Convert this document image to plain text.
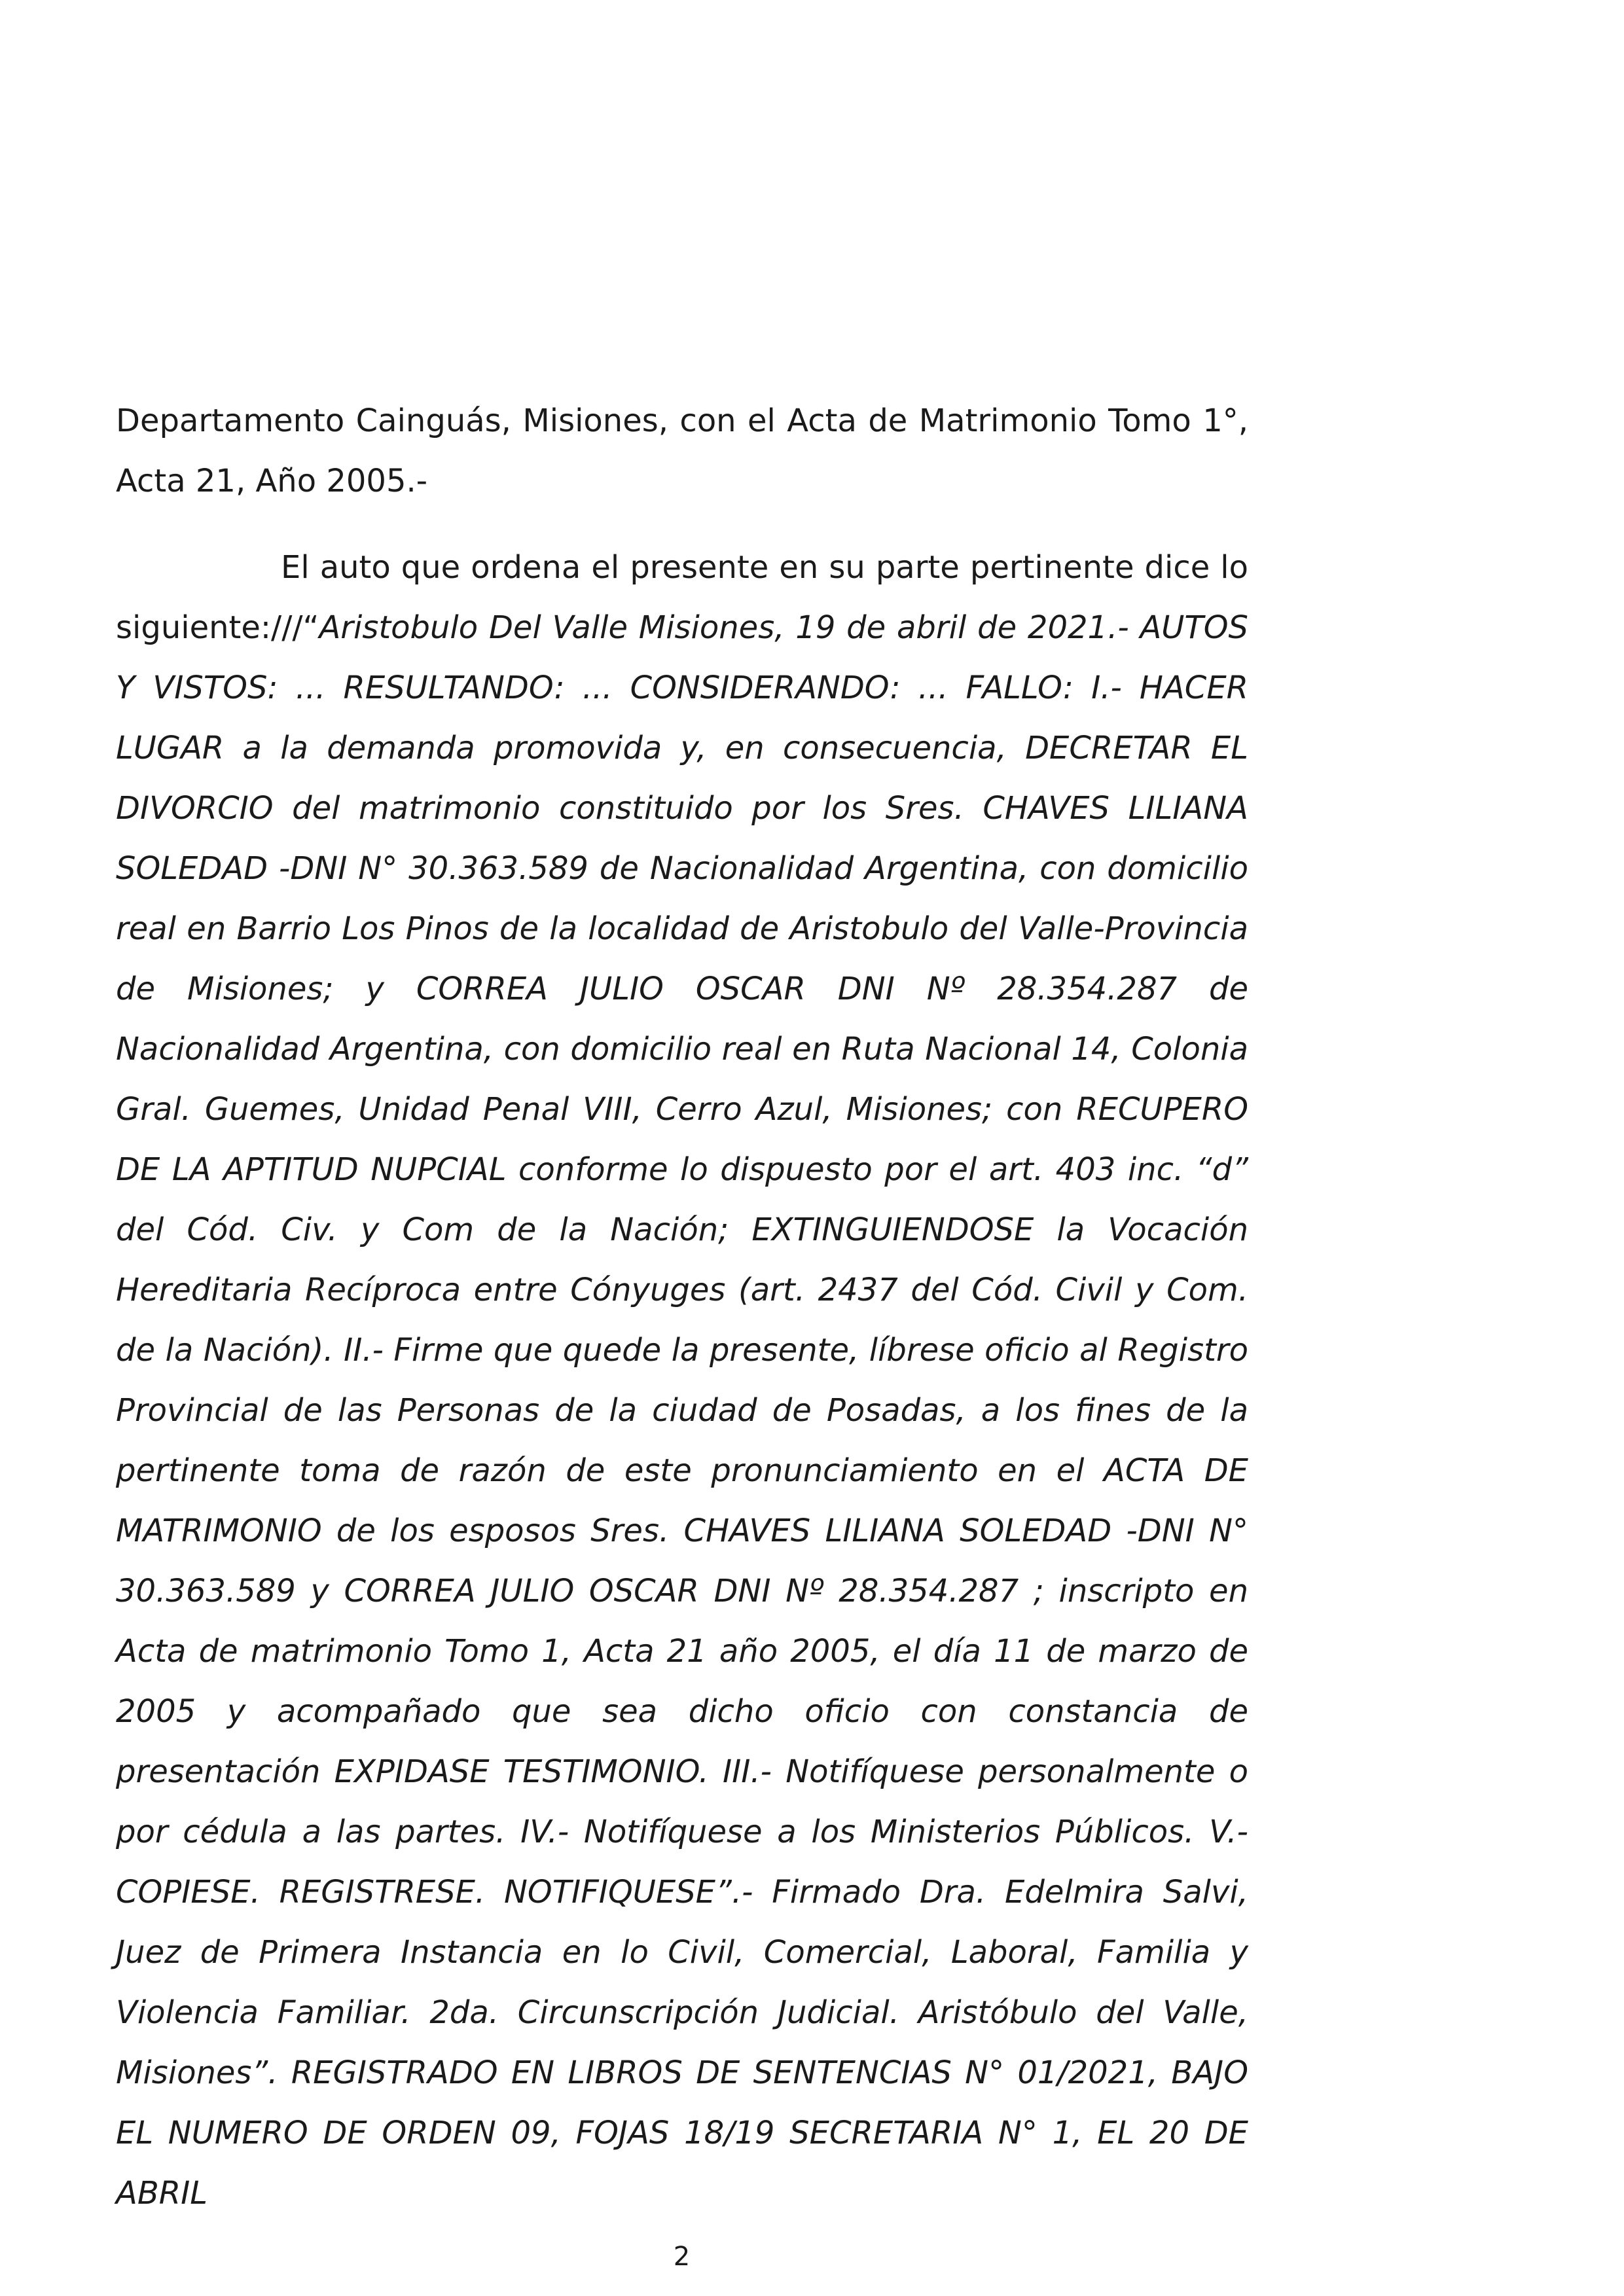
Departamento Cainguás, Misiones, con el Acta de Matrimonio Tomo 1°, Acta 21, Año 2005.-

El auto que ordena el presente en su parte pertinente dice lo siguiente:///“Aristobulo Del Valle Misiones, 19 de abril de 2021.- AUTOS Y VISTOS: ... RESULTANDO: ... CONSIDERANDO: ... FALLO: I.- HACER LUGAR a la demanda promovida y, en consecuencia, DECRETAR EL DIVORCIO del matrimonio constituido por los Sres. CHAVES LILIANA SOLEDAD -DNI N° 30.363.589 de Nacionalidad Argentina, con domicilio real en Barrio Los Pinos de la localidad de Aristobulo del Valle-Provincia de Misiones; y CORREA JULIO OSCAR DNI Nº 28.354.287 de Nacionalidad Argentina, con domicilio real en Ruta Nacional 14, Colonia Gral. Guemes, Unidad Penal VIII, Cerro Azul, Misiones; con RECUPERO DE LA APTITUD NUPCIAL conforme lo dispuesto por el art. 403 inc. “d” del Cód. Civ. y Com de la Nación; EXTINGUIENDOSE la Vocación Hereditaria Recíproca entre Cónyuges (art. 2437 del Cód. Civil y Com. de la Nación). II.- Firme que quede la presente, líbrese oficio al Registro Provincial de las Personas de la ciudad de Posadas, a los fines de la pertinente toma de razón de este pronunciamiento en el ACTA DE MATRIMONIO de los esposos Sres. CHAVES LILIANA SOLEDAD -DNI N° 30.363.589 y CORREA JULIO OSCAR DNI Nº 28.354.287 ; inscripto en Acta de matrimonio Tomo 1, Acta 21 año 2005, el día 11 de marzo de 2005 y acompañado que sea dicho oficio con constancia de presentación EXPIDASE TESTIMONIO. III.- Notifíquese personalmente o por cédula a las partes. IV.- Notifíquese a los Ministerios Públicos. V.- COPIESE. REGISTRESE. NOTIFIQUESE”.- Firmado Dra. Edelmira Salvi, Juez de Primera Instancia en lo Civil, Comercial, Laboral, Familia y Violencia Familiar. 2da. Circunscripción Judicial. Aristóbulo del Valle, Misiones”. REGISTRADO EN LIBROS DE SENTENCIAS N° 01/2021, BAJO EL NUMERO DE ORDEN 09, FOJAS 18/19 SECRETARIA N° 1, EL 20 DE ABRIL

2
